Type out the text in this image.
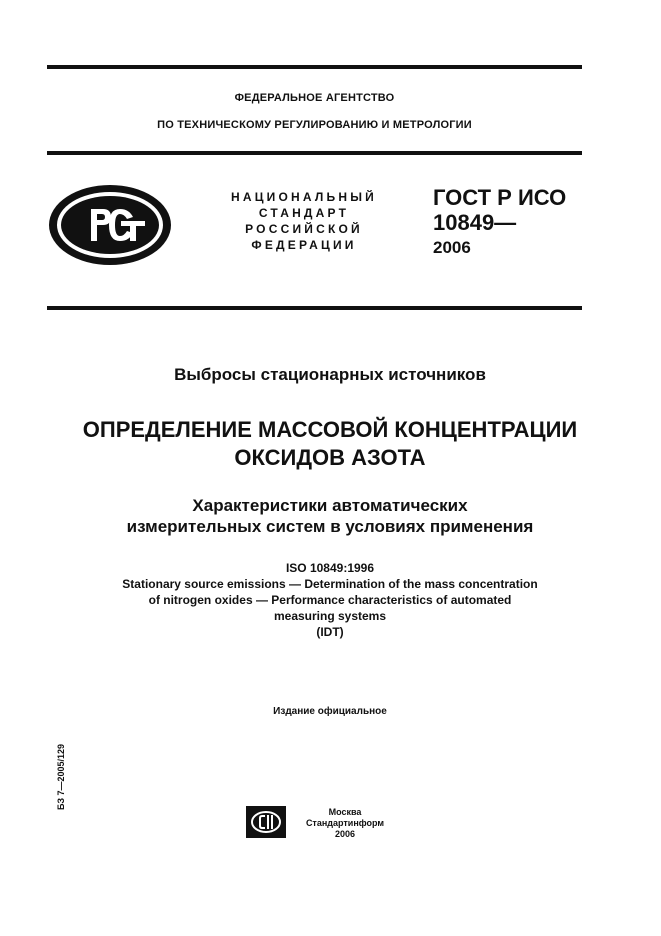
ФЕДЕРАЛЬНОЕ АГЕНТСТВО
ПО ТЕХНИЧЕСКОМУ РЕГУЛИРОВАНИЮ И МЕТРОЛОГИИ
НАЦИОНАЛЬНЫЙ
СТАНДАРТ
РОССИЙСКОЙ
ФЕДЕРАЦИИ
ГОСТ Р ИСО
10849—
2006
Выбросы стационарных источников
ОПРЕДЕЛЕНИЕ МАССОВОЙ КОНЦЕНТРАЦИИ
ОКСИДОВ АЗОТА
Характеристики автоматических
измерительных систем в условиях применения
ISO 10849:1996
Stationary source emissions — Determination of the mass concentration
of nitrogen oxides — Performance characteristics of automated
measuring systems
(IDT)
Издание официальное
БЗ 7—2005/129
Москва
Стандартинформ
2006
